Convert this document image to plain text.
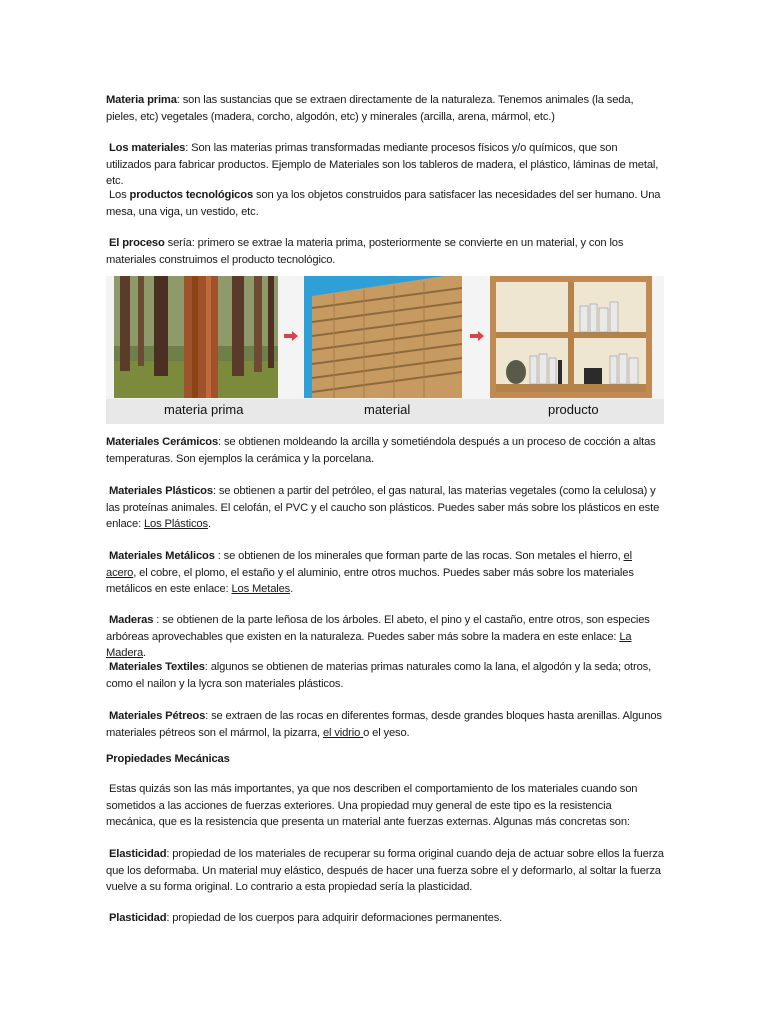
Materia prima: son las sustancias que se extraen directamente de la naturaleza. Tenemos animales (la seda, pieles, etc) vegetales (madera, corcho, algodón, etc) y minerales (arcilla, arena, mármol, etc.)

Los materiales: Son las materias primas transformadas mediante procesos físicos y/o químicos, que son utilizados para fabricar productos. Ejemplo de Materiales son los tableros de madera, el plástico, láminas de metal, etc.

Los productos tecnológicos son ya los objetos construidos para satisfacer las necesidades del ser humano. Una mesa, una viga, un vestido, etc.

El proceso sería: primero se extrae la materia prima, posteriormente se convierte en un material, y con los materiales construimos el producto tecnológico.

materia prima	material	producto

Materiales Cerámicos: se obtienen moldeando la arcilla y sometiéndola después a un proceso de cocción a altas temperaturas. Son ejemplos la cerámica y la porcelana.

Materiales Plásticos: se obtienen a partir del petróleo, el gas natural, las materias vegetales (como la celulosa) y las proteínas animales. El celofán, el PVC y el caucho son plásticos. Puedes saber más sobre los plásticos en este enlace: Los Plásticos.

Materiales Metálicos : se obtienen de los minerales que forman parte de las rocas. Son metales el hierro, el acero, el cobre, el plomo, el estaño y el aluminio, entre otros muchos. Puedes saber más sobre los materiales metálicos en este enlace: Los Metales.

Maderas : se obtienen de la parte leñosa de los árboles. El abeto, el pino y el castaño, entre otros, son especies arbóreas aprovechables que existen en la naturaleza. Puedes saber más sobre la madera en este enlace: La Madera.

Materiales Textiles: algunos se obtienen de materias primas naturales como la lana, el algodón y la seda; otros, como el nailon y la lycra son materiales plásticos.

Materiales Pétreos: se extraen de las rocas en diferentes formas, desde grandes bloques hasta arenillas. Algunos materiales pétreos son el mármol, la pizarra, el vidrio o el yeso.

Propiedades Mecánicas

Estas quizás son las más importantes, ya que nos describen el comportamiento de los materiales cuando son sometidos a las acciones de fuerzas exteriores. Una propiedad muy general de este tipo es la resistencia mecánica, que es la resistencia que presenta un material ante fuerzas externas. Algunas más concretas son:

Elasticidad: propiedad de los materiales de recuperar su forma original cuando deja de actuar sobre ellos la fuerza que los deformaba. Un material muy elástico, después de hacer una fuerza sobre el y deformarlo, al soltar la fuerza vuelve a su forma original. Lo contrario a esta propiedad sería la plasticidad.

Plasticidad: propiedad de los cuerpos para adquirir deformaciones permanentes.
